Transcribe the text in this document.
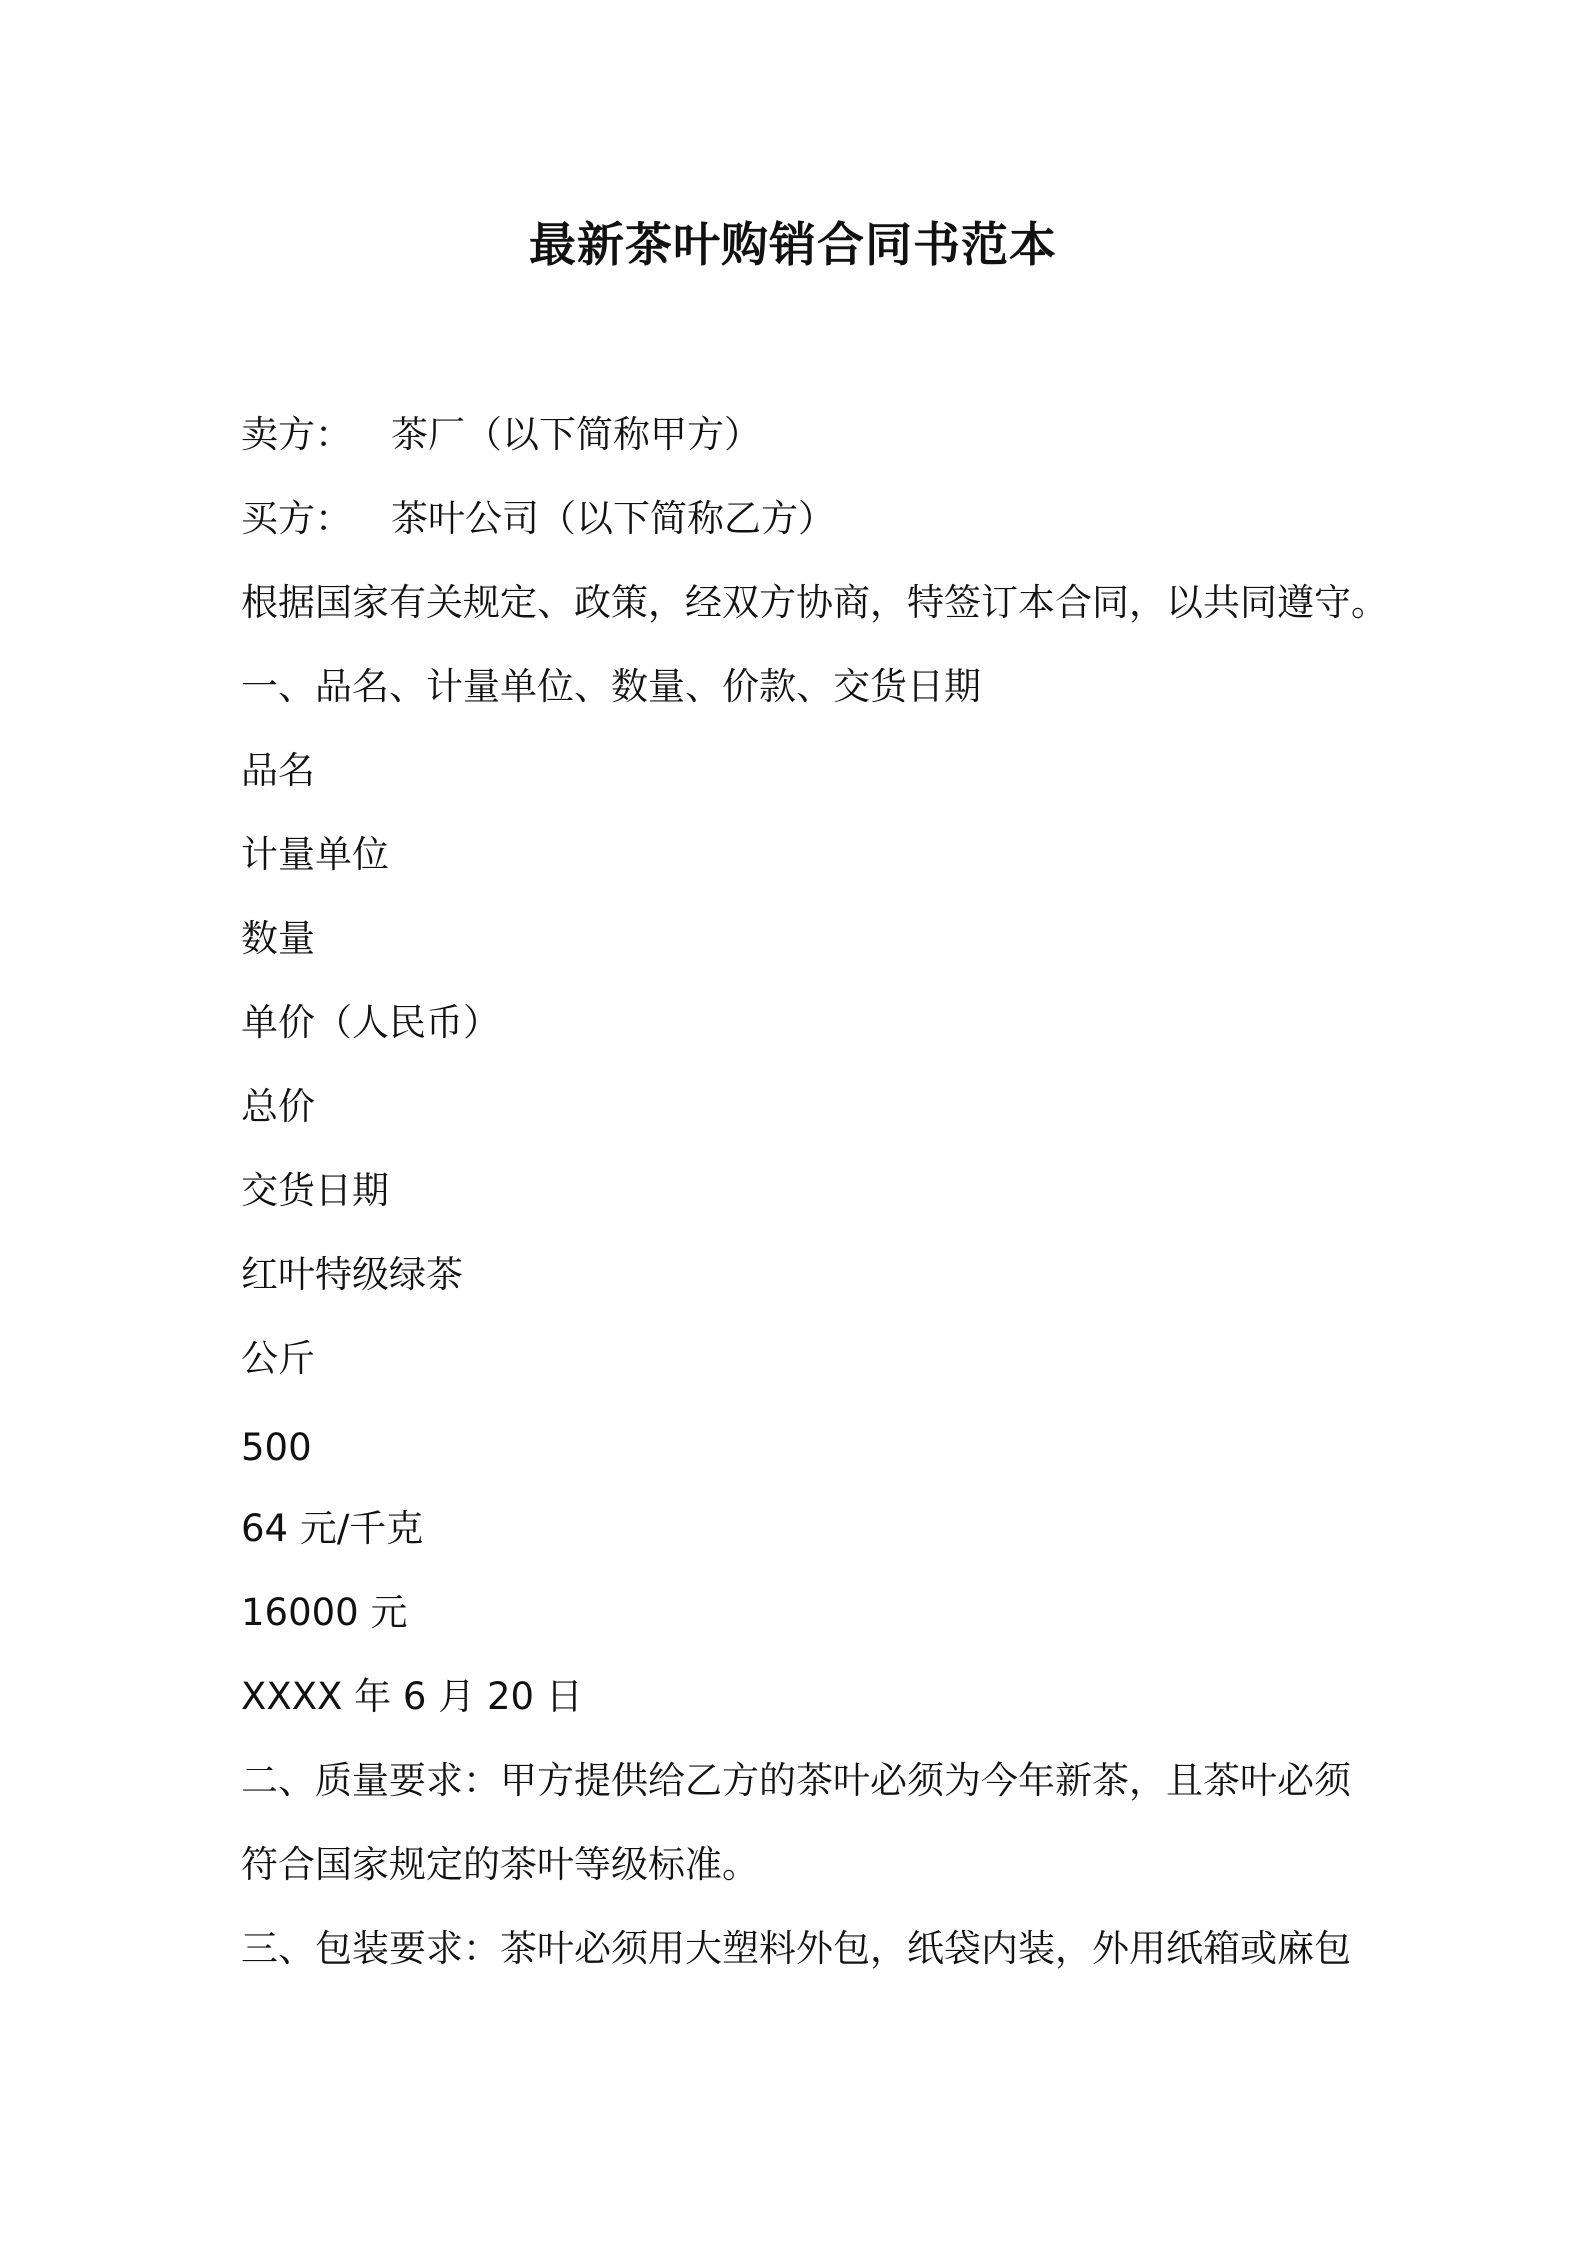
最新茶叶购销合同书范本
卖方： 茶厂（以下简称甲方）
买方： 茶叶公司（以下简称乙方）
根据国家有关规定、政策，经双方协商，特签订本合同，以共同遵守。
一、品名、计量单位、数量、价款、交货日期
品名
计量单位
数量
单价（人民币）
总价
交货日期
红叶特级绿茶
公斤
500
64 元/千克
16000 元
XXXX 年 6 月 20 日
二、质量要求：甲方提供给乙方的茶叶必须为今年新茶，且茶叶必须
符合国家规定的茶叶等级标准。
三、包装要求：茶叶必须用大塑料外包，纸袋内装，外用纸箱或麻包
